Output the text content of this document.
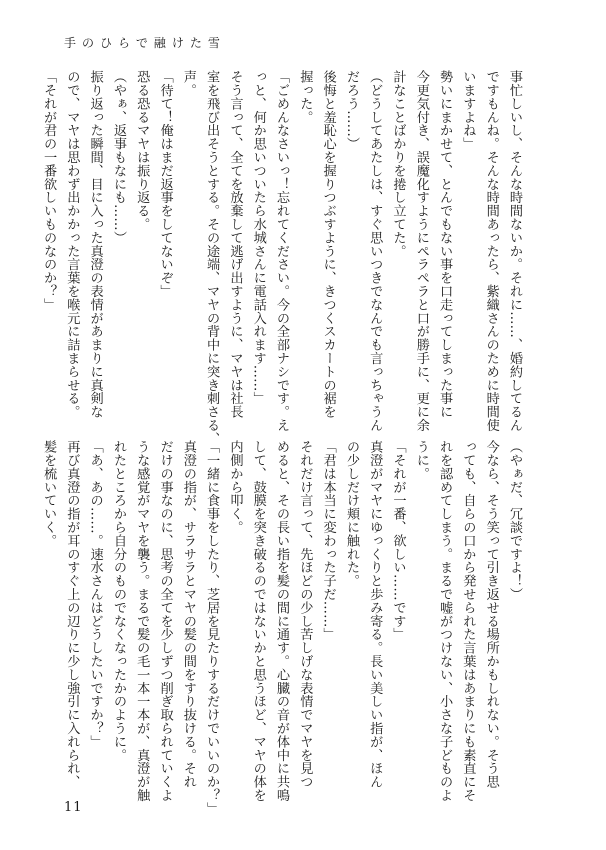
手のひらで融けた雪
事忙しいし、そんな時間ないか。それに……、婚約してるん
ですもんね。そんな時間あったら、紫織さんのために時間使
いますよね」
勢いにまかせて、とんでもない事を口走ってしまった事に
今更気付き、誤魔化すようにペラペラと口が勝手に、更に余
計なことばかりを捲し立てた。
（どうしてあたしは、すぐ思いつきでなんでも言っちゃうん
だろう……）
後悔と羞恥心を握りつぶすように、きつくスカートの裾を
握った。
「ごめんなさいっ！忘れてください。今の全部ナシです。え
っと、何か思いついたら水城さんに電話入れます……」
そう言って、全てを放棄して逃げ出すように、マヤは社長
室を飛び出そうとする。その途端、マヤの背中に突き刺さる、
声。
「待て！俺はまだ返事をしてないぞ」
恐る恐るマヤは振り返る。
（やぁ、返事もなにも……）
振り返った瞬間、目に入った真澄の表情があまりに真剣な
ので、マヤは思わず出かかった言葉を喉元に詰まらせる。
「それが君の一番欲しいものなのか？」
（やぁだ、冗談ですよ！）
今なら、そう笑って引き返せる場所かもしれない。そう思
っても、自らの口から発せられた言葉はあまりにも素直にそ
れを認めてしまう。まるで嘘がつけない、小さな子どものよ
うに。
「それが一番、欲しい……です」
真澄がマヤにゆっくりと歩み寄る。長い美しい指が、ほん
の少しだけ頬に触れた。
「君は本当に変わった子だ……」
それだけ言って、先ほどの少し苦しげな表情でマヤを見つ
めると、その長い指を髪の間に通す。心臓の音が体中に共鳴
して、鼓膜を突き破るのではないかと思うほど、マヤの体を
内側から叩く。
「一緒に食事をしたり、芝居を見たりするだけでいいのか？」
真澄の指が、サラサラとマヤの髪の間をすり抜ける。それ
だけの事なのに、思考の全てを少しずつ削ぎ取られていくよ
うな感覚がマヤを襲う。まるで髪の毛一本一本が、真澄が触
れたところから自分のものでなくなったかのように。
「あ、あの……。速水さんはどうしたいですか？」
再び真澄の指が耳のすぐ上の辺りに少し強引に入れられ、
髪を梳いていく。
11
